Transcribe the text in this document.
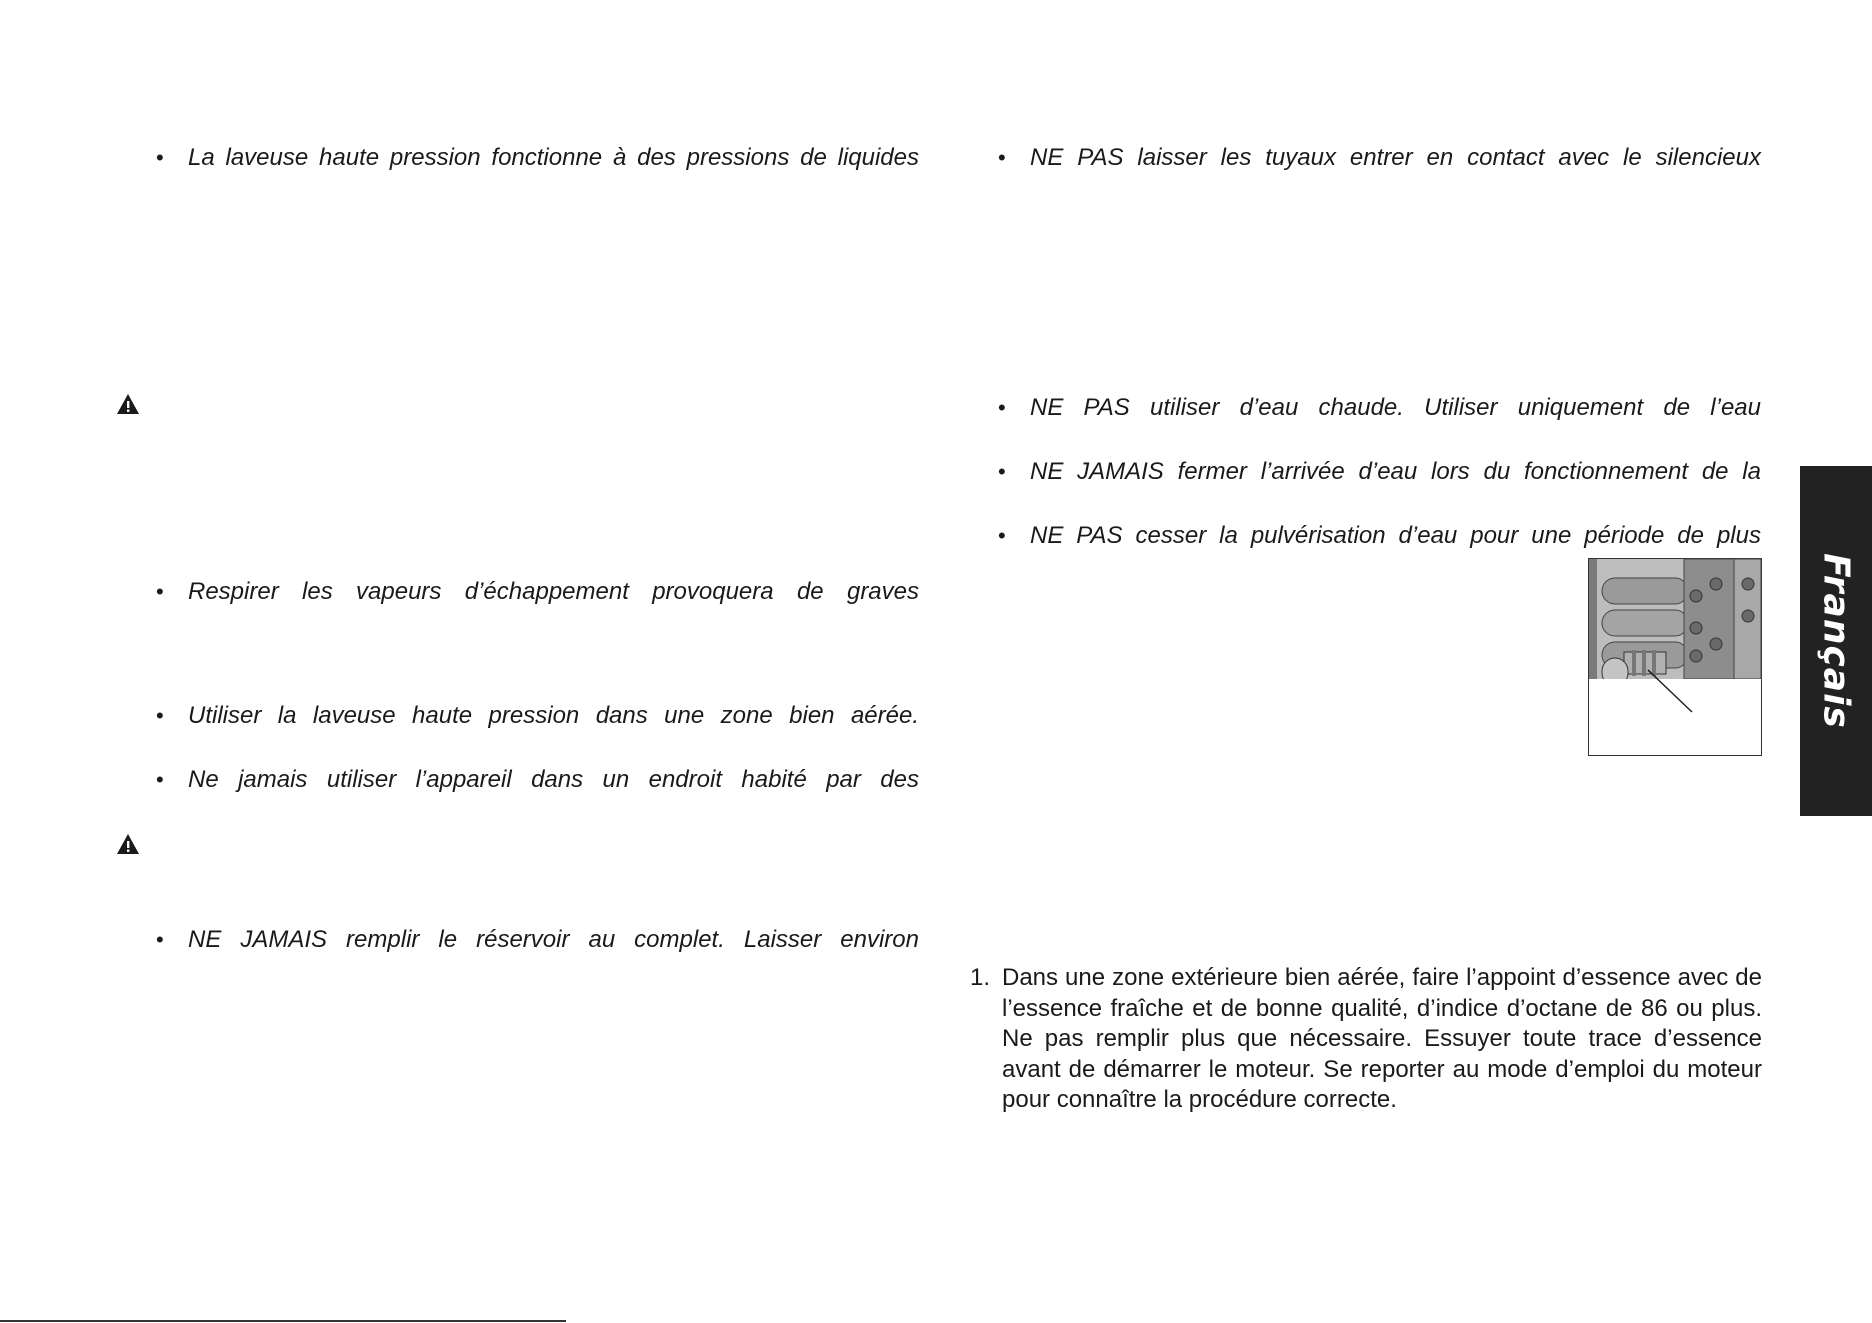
• La laveuse haute pression fonctionne à des pressions de liquides
• Respirer les vapeurs d’échappement provoquera de graves
• Utiliser la laveuse haute pression dans une zone bien aérée.
• Ne jamais utiliser l’appareil dans un endroit habité par des
• NE JAMAIS remplir le réservoir au complet. Laisser environ
• NE PAS laisser les tuyaux entrer en contact avec le silencieux
• NE PAS utiliser d’eau chaude. Utiliser uniquement de l’eau
• NE JAMAIS fermer l’arrivée d’eau lors du fonctionnement de la
• NE PAS cesser la pulvérisation d’eau pour une période de plus
1. Dans une zone extérieure bien aérée, faire l’appoint d’essence avec de l’essence fraîche et de bonne qualité, d’indice d’octane de 86 ou plus. Ne pas remplir plus que nécessaire. Essuyer toute trace d’essence avant de démarrer le moteur. Se reporter au mode d’emploi du moteur pour connaître la procédure correcte.
Français
